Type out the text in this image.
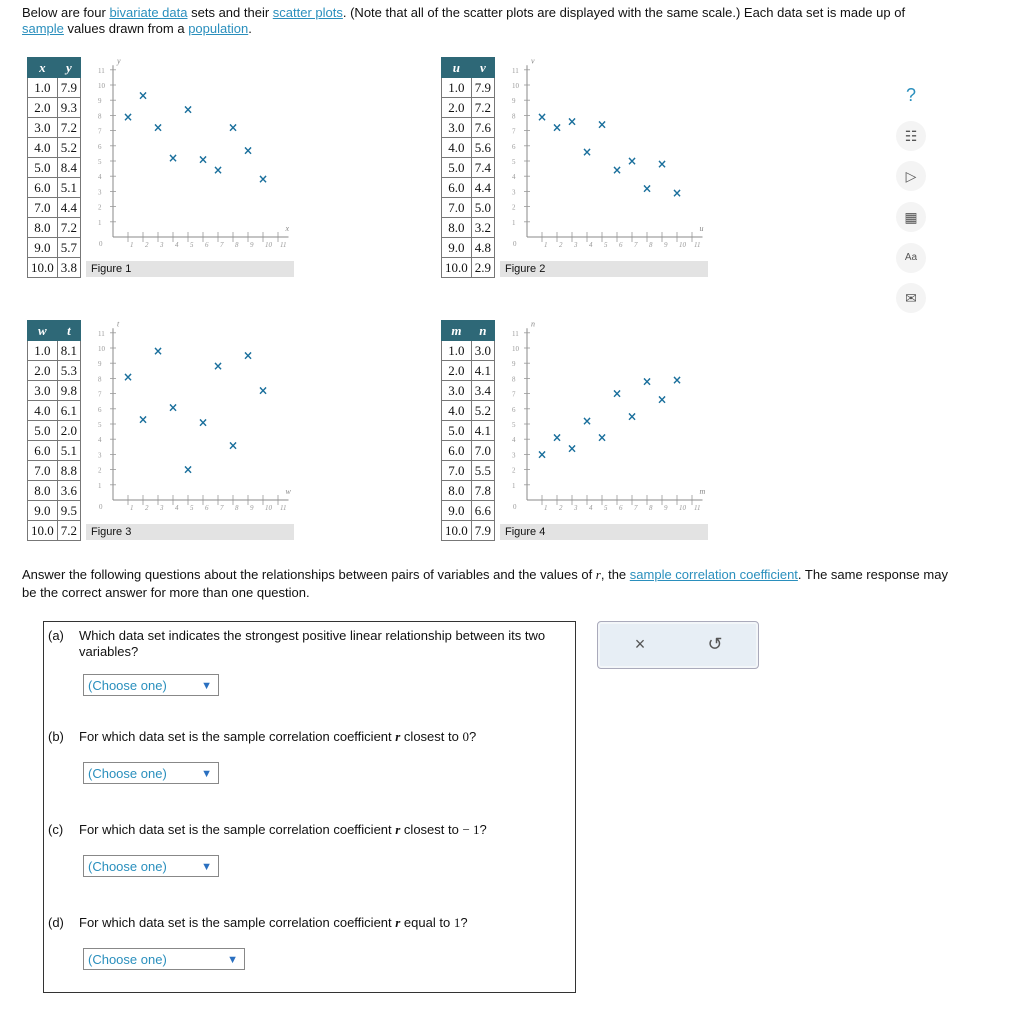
Below are four bivariate data sets and their scatter plots. (Note that all of the scatter plots are displayed with the same scale.) Each data set is made up of sample values drawn from a population.
x	y
1.0	7.9
2.0	9.3
3.0	7.2
4.0	5.2
5.0	8.4
6.0	5.1
7.0	4.4
8.0	7.2
9.0	5.7
10.0	3.8	Figure 1
1
1
2
2
3
3
4
4
5
5
6
6
7
7
8
8
9
9
10
10
11
11
0
x
y
×
×
×
×
×
×
×
×
×
×
u	v
1.0	7.9
2.0	7.2
3.0	7.6
4.0	5.6
5.0	7.4
6.0	4.4
7.0	5.0
8.0	3.2
9.0	4.8
10.0	2.9	Figure 2
1
1
2
2
3
3
4
4
5
5
6
6
7
7
8
8
9
9
10
10
11
11
0
u
v
×
× ×
×
×
×
×
×
×
×
w	t
1.0	8.1
2.0	5.3
3.0	9.8
4.0	6.1
5.0	2.0
6.0	5.1
7.0	8.8
8.0	3.6
9.0	9.5
10.0	7.2	Figure 3
1
1
2
2
3
3
4
4
5
5
6
6
7
7
8
8
9
9
10
10
11
11
0
w
t
×
×
×
×
×
×
×
×
×
×
m	n
1.0	3.0
2.0	4.1
3.0	3.4
4.0	5.2
5.0	4.1
6.0	7.0
7.0	5.5
8.0	7.8
9.0	6.6
10.0	7.9	Figure 4
1
1
2
2
3
3
4
4
5
5
6
6
7
7
8
8
9
9
10
10
11
11
0
m
n
×
×
×
×
×
×
×
×
×
×
Answer the following questions about the relationships between pairs of variables and the values of r, the sample correlation coefficient. The same response may be the correct answer for more than one question.
(a) Which data set indicates the strongest positive linear relationship between its two variables?
(Choose one)	▼
(b) For which data set is the sample correlation coefficient r closest to 0?
(Choose one)	▼
(c) For which data set is the sample correlation coefficient r closest to − 1?
(Choose one)	▼
(d) For which data set is the sample correlation coefficient r equal to 1?
(Choose one)	▼
×	↺
?
☷
▷
▦
Aa
✉
